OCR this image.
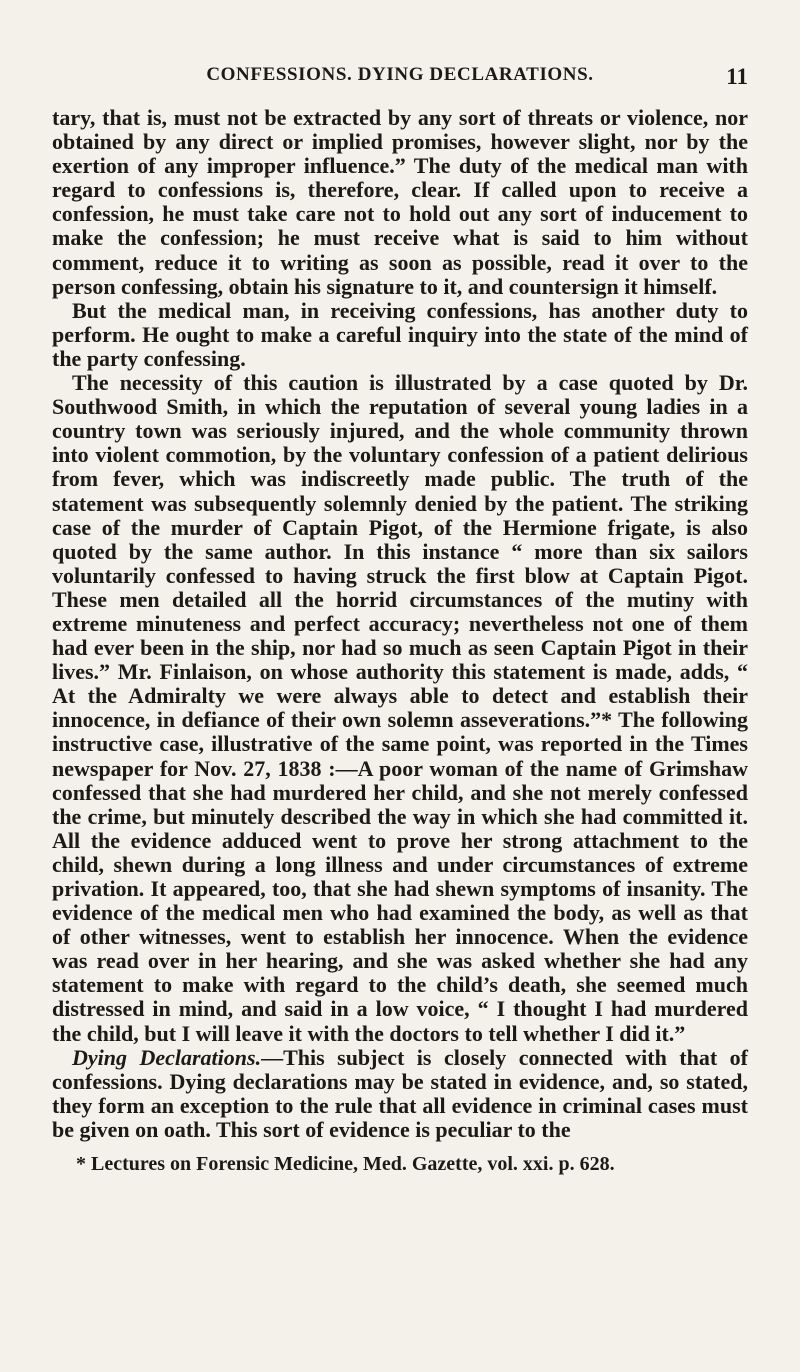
CONFESSIONS. DYING DECLARATIONS.	11

tary, that is, must not be extracted by any sort of threats or violence, nor obtained by any direct or implied promises, however slight, nor by the exertion of any improper influence.” The duty of the medical man with regard to confessions is, therefore, clear. If called upon to receive a confession, he must take care not to hold out any sort of inducement to make the confession; he must receive what is said to him without comment, reduce it to writing as soon as possible, read it over to the person confessing, obtain his signature to it, and countersign it himself.

But the medical man, in receiving confessions, has another duty to perform. He ought to make a careful inquiry into the state of the mind of the party confessing.

The necessity of this caution is illustrated by a case quoted by Dr. Southwood Smith, in which the reputation of several young ladies in a country town was seriously injured, and the whole community thrown into violent commotion, by the voluntary confession of a patient delirious from fever, which was indiscreetly made public. The truth of the statement was subsequently solemnly denied by the patient. The striking case of the murder of Captain Pigot, of the Hermione frigate, is also quoted by the same author. In this instance “ more than six sailors voluntarily confessed to having struck the first blow at Captain Pigot. These men detailed all the horrid circumstances of the mutiny with extreme minuteness and perfect accuracy; nevertheless not one of them had ever been in the ship, nor had so much as seen Captain Pigot in their lives.” Mr. Finlaison, on whose authority this statement is made, adds, “ At the Admiralty we were always able to detect and establish their innocence, in defiance of their own solemn asseverations.”* The following instructive case, illustrative of the same point, was reported in the Times newspaper for Nov. 27, 1838 :—A poor woman of the name of Grimshaw confessed that she had murdered her child, and she not merely confessed the crime, but minutely described the way in which she had committed it. All the evidence adduced went to prove her strong attachment to the child, shewn during a long illness and under circumstances of extreme privation. It appeared, too, that she had shewn symptoms of insanity. The evidence of the medical men who had examined the body, as well as that of other witnesses, went to establish her innocence. When the evidence was read over in her hearing, and she was asked whether she had any statement to make with regard to the child’s death, she seemed much distressed in mind, and said in a low voice, “ I thought I had murdered the child, but I will leave it with the doctors to tell whether I did it.”

Dying Declarations.—This subject is closely connected with that of confessions. Dying declarations may be stated in evidence, and, so stated, they form an exception to the rule that all evidence in criminal cases must be given on oath. This sort of evidence is peculiar to the

* Lectures on Forensic Medicine, Med. Gazette, vol. xxi. p. 628.
